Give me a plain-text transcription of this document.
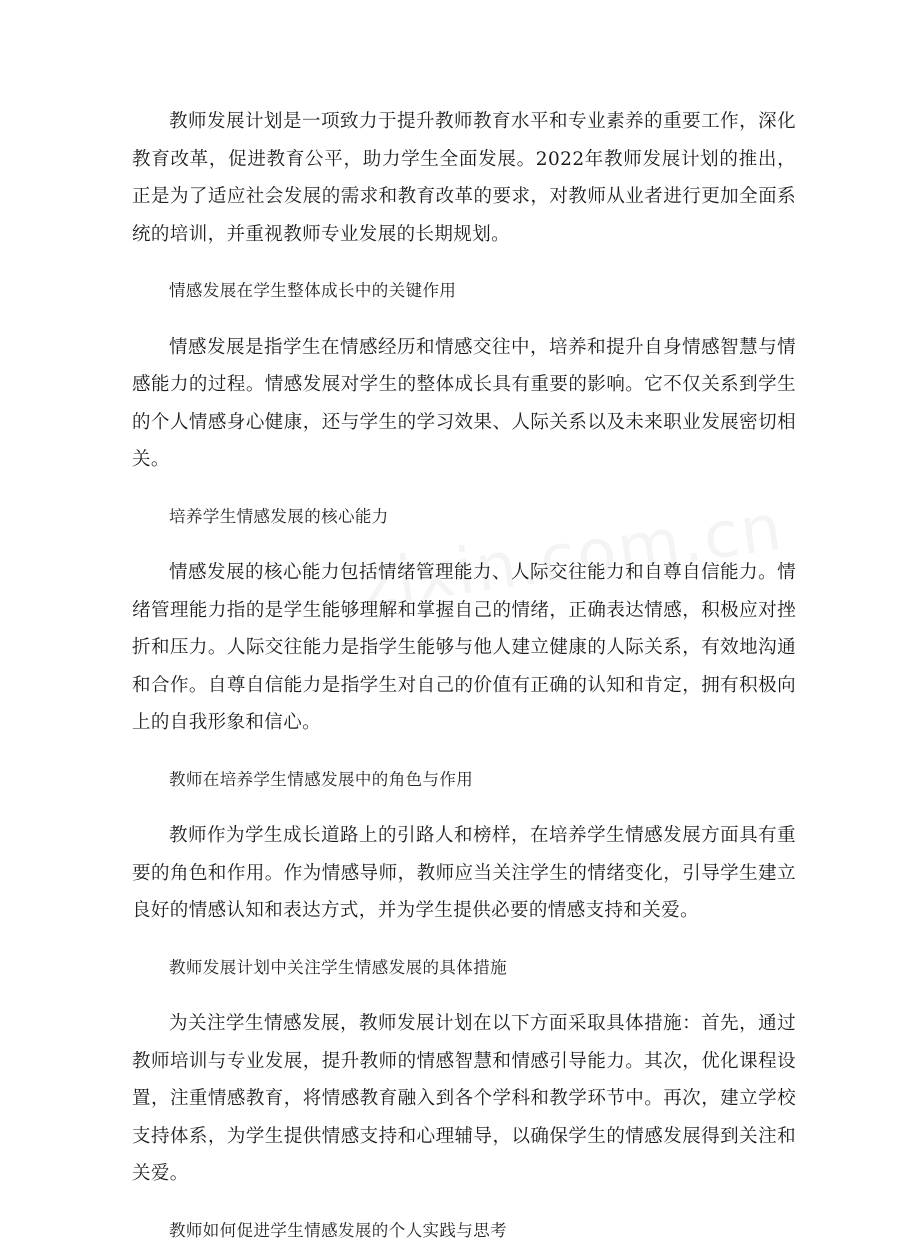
教师发展计划是一项致力于提升教师教育水平和专业素养的重要工作，深化教育改革，促进教育公平，助力学生全面发展。2022年教师发展计划的推出，正是为了适应社会发展的需求和教育改革的要求，对教师从业者进行更加全面系统的培训，并重视教师专业发展的长期规划。

情感发展在学生整体成长中的关键作用

情感发展是指学生在情感经历和情感交往中，培养和提升自身情感智慧与情感能力的过程。情感发展对学生的整体成长具有重要的影响。它不仅关系到学生的个人情感身心健康，还与学生的学习效果、人际关系以及未来职业发展密切相关。

培养学生情感发展的核心能力

情感发展的核心能力包括情绪管理能力、人际交往能力和自尊自信能力。情绪管理能力指的是学生能够理解和掌握自己的情绪，正确表达情感，积极应对挫折和压力。人际交往能力是指学生能够与他人建立健康的人际关系，有效地沟通和合作。自尊自信能力是指学生对自己的价值有正确的认知和肯定，拥有积极向上的自我形象和信心。

教师在培养学生情感发展中的角色与作用

教师作为学生成长道路上的引路人和榜样，在培养学生情感发展方面具有重要的角色和作用。作为情感导师，教师应当关注学生的情绪变化，引导学生建立良好的情感认知和表达方式，并为学生提供必要的情感支持和关爱。

教师发展计划中关注学生情感发展的具体措施

为关注学生情感发展，教师发展计划在以下方面采取具体措施：首先，通过教师培训与专业发展，提升教师的情感智慧和情感引导能力。其次，优化课程设置，注重情感教育，将情感教育融入到各个学科和教学环节中。再次，建立学校支持体系，为学生提供情感支持和心理辅导，以确保学生的情感发展得到关注和关爱。

教师如何促进学生情感发展的个人实践与思考
